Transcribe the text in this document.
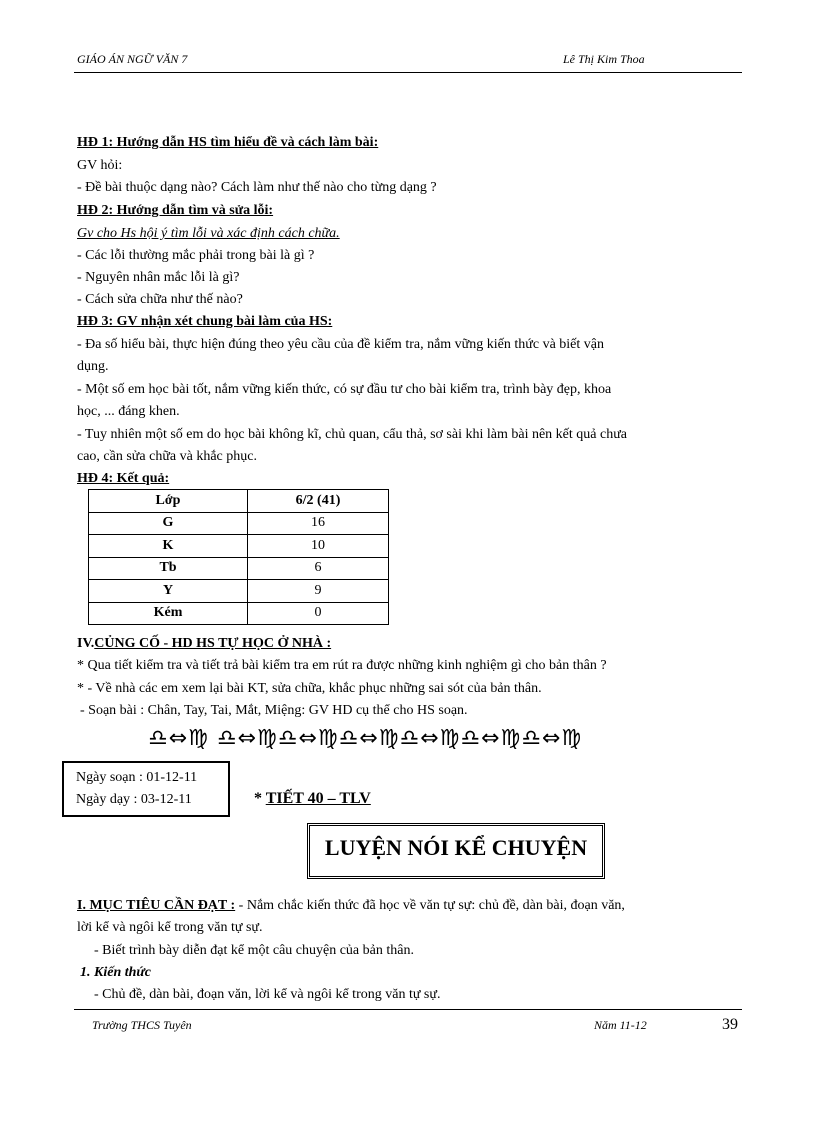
GIÁO ÁN NGỮ VĂN 7	Lê Thị Kim Thoa
HĐ 1: Hướng dẫn HS tìm hiểu đề và cách làm bài:
GV hỏi:
- Đề bài thuộc dạng nào? Cách làm như thế nào cho từng dạng ?
HĐ 2: Hướng dẫn tìm và sửa lỗi:
Gv cho Hs hội ý tìm lỗi và xác định cách chữa.
- Các lỗi thường mắc phải trong bài là gì ?
- Nguyên nhân mắc lỗi là gì?
- Cách sửa chữa như thế nào?
HĐ 3: GV nhận xét chung bài làm của HS:
- Đa số hiểu bài, thực hiện đúng theo yêu cầu của đề kiểm tra, nắm vững kiến thức và biết vận
dụng.
- Một số em học bài tốt, nắm vững kiến thức, có sự đầu tư cho bài kiểm tra, trình bày đẹp, khoa
học, ... đáng khen.
- Tuy nhiên một số em do học bài không kĩ, chủ quan, cẩu thả, sơ sài khi làm bài nên kết quả chưa
cao, cần sửa chữa và khắc phục.
HĐ 4: Kết quả:
Lớp	6/2 (41)
G	16
K	10
Tb	6
Y	9
Kém	0
IV.CỦNG CỐ - HD HS TỰ HỌC Ở NHÀ :
* Qua tiết kiểm tra và tiết trả bài kiểm tra em rút ra được những kinh nghiệm gì cho bản thân ?
* - Về nhà các em xem lại bài KT, sửa chữa, khắc phục những sai sót của bản thân.
- Soạn bài : Chân, Tay, Tai, Mắt, Miệng: GV HD cụ thể cho HS soạn.
♎⇔♍ ♎⇔♍♎⇔♍♎⇔♍♎⇔♍♎⇔♍♎⇔♍
Ngày soạn : 01-12-11
Ngày dạy : 03-12-11	* TIẾT 40 – TLV
LUYỆN NÓI KỂ CHUYỆN
I. MỤC TIÊU CẦN ĐẠT : - Nắm chắc kiến thức đã học về văn tự sự: chủ đề, dàn bài, đoạn văn,
lời kể và ngôi kể trong văn tự sự.
- Biết trình bày diễn đạt kể một câu chuyện của bản thân.
1. Kiến thức
- Chủ đề, dàn bài, đoạn văn, lời kể và ngôi kể trong văn tự sự.
Trường THCS Tuyên	Năm 11-12	39
